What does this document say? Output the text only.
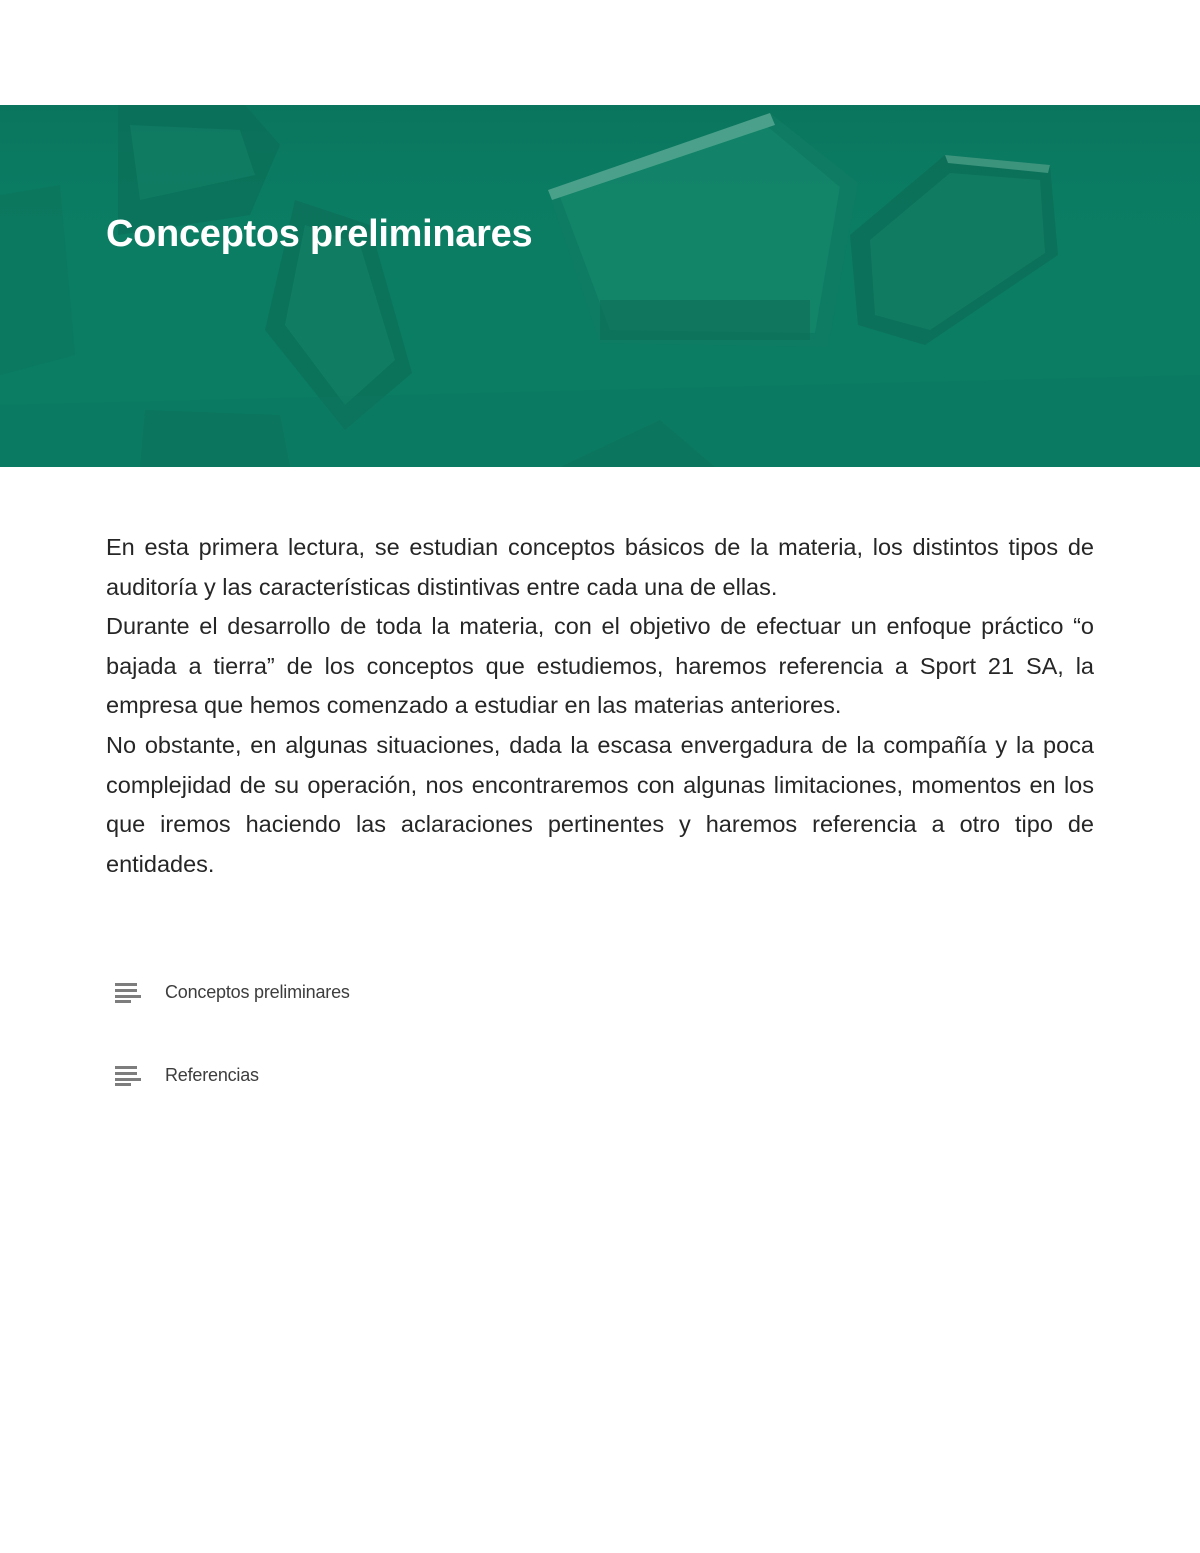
Conceptos preliminares

En esta primera lectura, se estudian conceptos básicos de la materia, los distintos tipos de auditoría y las características distintivas entre cada una de ellas.

Durante el desarrollo de toda la materia, con el objetivo de efectuar un enfoque práctico “o bajada a tierra” de los conceptos que estudiemos, haremos referencia a Sport 21 SA, la empresa que hemos comenzado a estudiar en las materias anteriores.

No obstante, en algunas situaciones, dada la escasa envergadura de la compañía y la poca complejidad de su operación, nos encontraremos con algunas limitaciones, momentos en los que iremos haciendo las aclaraciones pertinentes y haremos referencia a otro tipo de entidades.

Conceptos preliminares
Referencias
